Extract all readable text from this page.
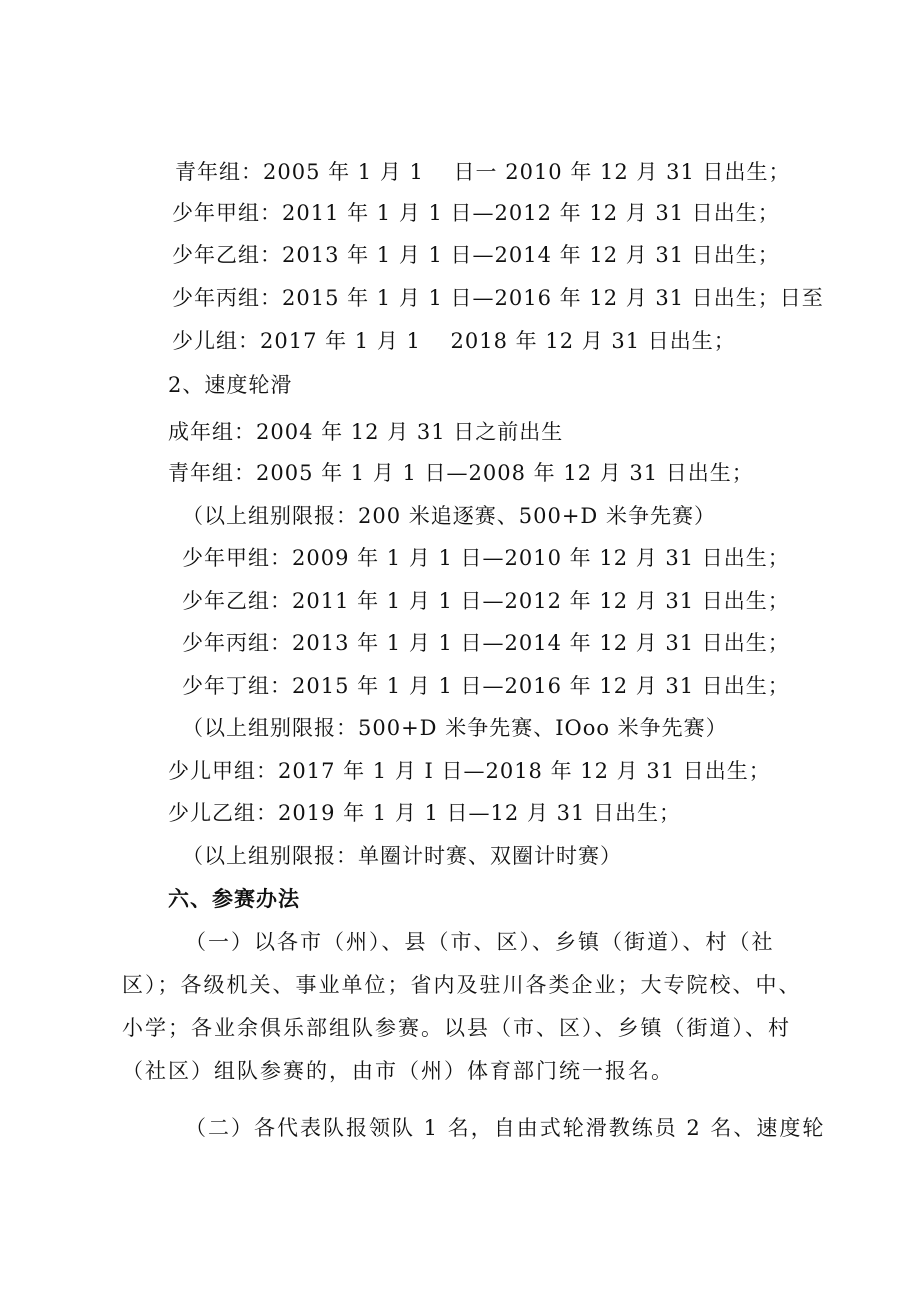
青年组：2005 年 1 月 1　 日一 2010 年 12 月 31 日出生；
少年甲组：2011 年 1 月 1 日—2012 年 12 月 31 日出生；
少年乙组：2013 年 1 月 1 日—2014 年 12 月 31 日出生；
少年丙组：2015 年 1 月 1 日—2016 年 12 月 31 日出生；日至
少儿组：2017 年 1 月 1　 2018 年 12 月 31 日出生；
2、速度轮滑
成年组：2004 年 12 月 31 日之前出生
青年组：2005 年 1 月 1 日—2008 年 12 月 31 日出生；
（以上组别限报：200 米追逐赛、500+D 米争先赛）
少年甲组：2009 年 1 月 1 日—2010 年 12 月 31 日出生；
少年乙组：2011 年 1 月 1 日—2012 年 12 月 31 日出生；
少年丙组：2013 年 1 月 1 日—2014 年 12 月 31 日出生；
少年丁组：2015 年 1 月 1 日—2016 年 12 月 31 日出生；
（以上组别限报：500+D 米争先赛、IOoo 米争先赛）
少儿甲组：2017 年 1 月 I 日—2018 年 12 月 31 日出生；
少儿乙组：2019 年 1 月 1 日—12 月 31 日出生；
（以上组别限报：单圈计时赛、双圈计时赛）
六、参赛办法
（一）以各市（州）、县（市、区）、乡镇（街道）、村（社
区）；各级机关、事业单位；省内及驻川各类企业；大专院校、中、
小学；各业余俱乐部组队参赛。以县（市、区）、乡镇（街道）、村
（社区）组队参赛的，由市（州）体育部门统一报名。
（二）各代表队报领队 1 名，自由式轮滑教练员 2 名、速度轮
